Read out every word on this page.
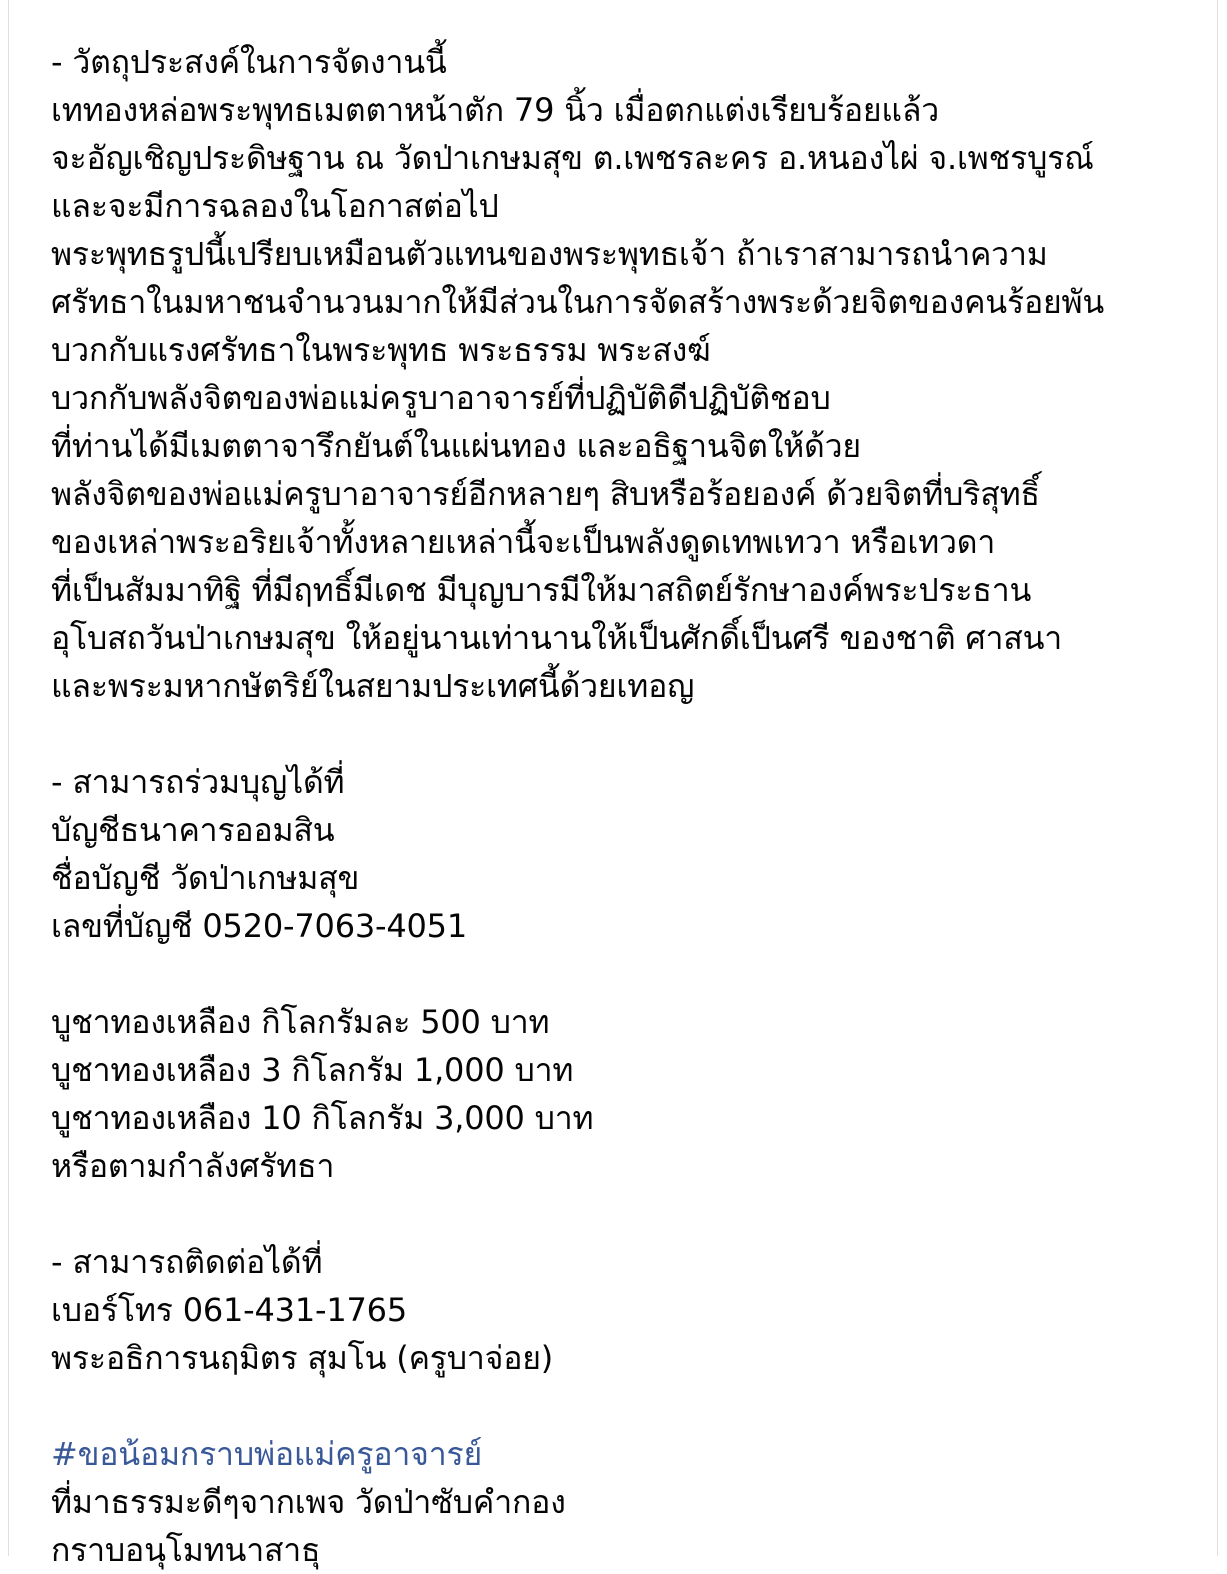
- วัตถุประสงค์ในการจัดงานนี้
เททองหล่อพระพุทธเมตตาหน้าตัก 79 นิ้ว เมื่อตกแต่งเรียบร้อยแล้ว
จะอัญเชิญประดิษฐาน ณ วัดป่าเกษมสุข ต.เพชรละคร อ.หนองไผ่ จ.เพชรบูรณ์
และจะมีการฉลองในโอกาสต่อไป
พระพุทธรูปนี้เปรียบเหมือนตัวแทนของพระพุทธเจ้า ถ้าเราสามารถนำความ
ศรัทธาในมหาชนจำนวนมากให้มีส่วนในการจัดสร้างพระด้วยจิตของคนร้อยพัน
บวกกับแรงศรัทธาในพระพุทธ พระธรรม พระสงฆ์
บวกกับพลังจิตของพ่อแม่ครูบาอาจารย์ที่ปฏิบัติดีปฏิบัติชอบ
ที่ท่านได้มีเมตตาจารึกยันต์ในแผ่นทอง และอธิฐานจิตให้ด้วย
พลังจิตของพ่อแม่ครูบาอาจารย์อีกหลายๆ สิบหรือร้อยองค์ ด้วยจิตที่บริสุทธิ์
ของเหล่าพระอริยเจ้าทั้งหลายเหล่านี้จะเป็นพลังดูดเทพเทวา หรือเทวดา
ที่เป็นสัมมาทิฐิ ที่มีฤทธิ์มีเดช มีบุญบารมีให้มาสถิตย์รักษาองค์พระประธาน
อุโบสถวันป่าเกษมสุข ให้อยู่นานเท่านานให้เป็นศักดิ์เป็นศรี ของชาติ ศาสนา
และพระมหากษัตริย์ในสยามประเทศนี้ด้วยเทอญ
- สามารถร่วมบุญได้ที่
บัญชีธนาคารออมสิน
ชื่อบัญชี วัดป่าเกษมสุข
เลขที่บัญชี 0520-7063-4051
บูชาทองเหลือง กิโลกรัมละ 500 บาท
บูชาทองเหลือง 3 กิโลกรัม 1,000 บาท
บูชาทองเหลือง 10 กิโลกรัม 3,000 บาท
หรือตามกำลังศรัทธา
- สามารถติดต่อได้ที่
เบอร์โทร 061-431-1765
พระอธิการนฤมิตร สุมโน (ครูบาจ่อย)
#ขอน้อมกราบพ่อแม่ครูอาจารย์
ที่มาธรรมะดีๆจากเพจ วัดป่าซับคำกอง
กราบอนุโมทนาสาธุ
